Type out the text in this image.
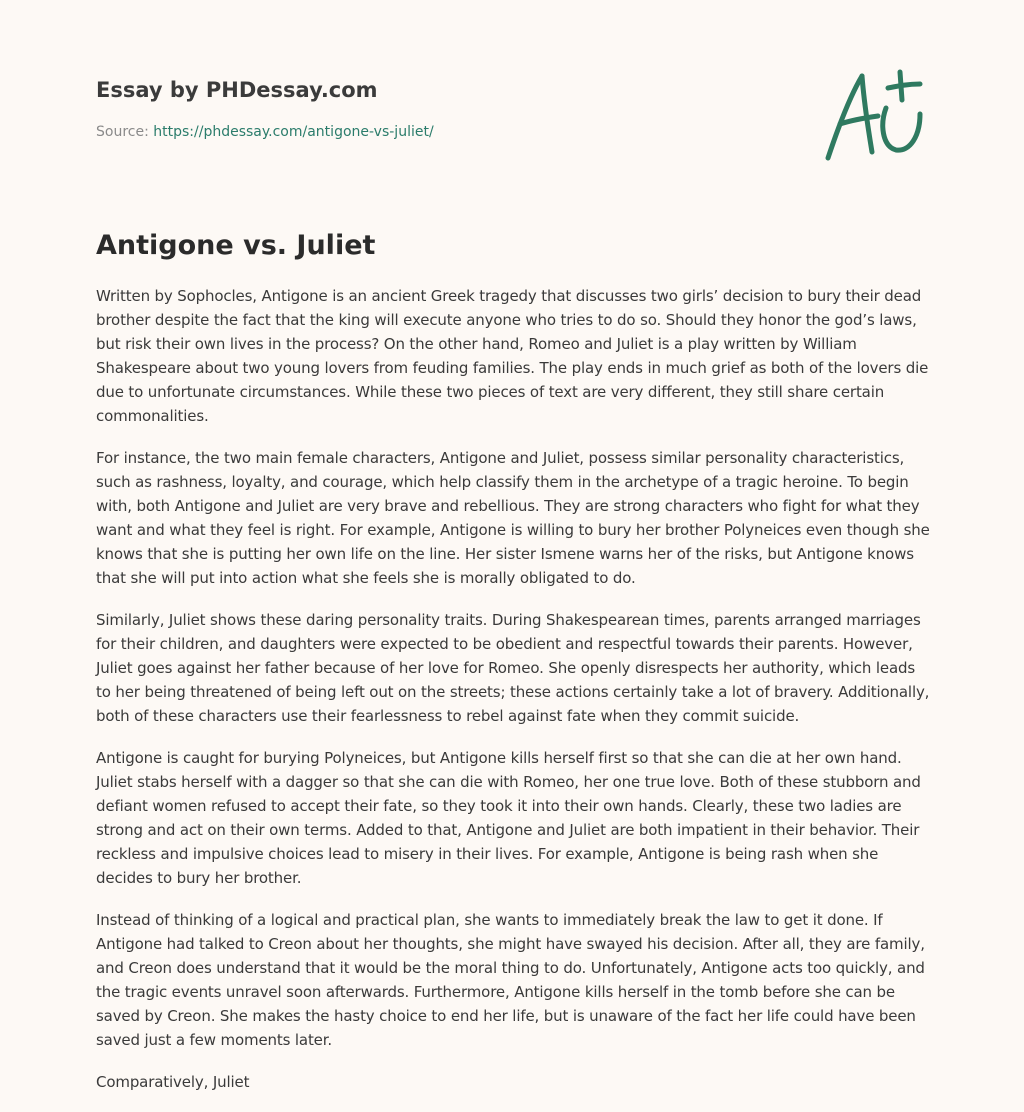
Essay by PHDessay.com
Source: https://phdessay.com/antigone-vs-juliet/
Antigone vs. Juliet

Written by Sophocles, Antigone is an ancient Greek tragedy that discusses two girls’ decision to bury their dead brother despite the fact that the king will execute anyone who tries to do so. Should they honor the god’s laws, but risk their own lives in the process? On the other hand, Romeo and Juliet is a play written by William Shakespeare about two young lovers from feuding families. The play ends in much grief as both of the lovers die due to unfortunate circumstances. While these two pieces of text are very different, they still share certain commonalities.

For instance, the two main female characters, Antigone and Juliet, possess similar personality characteristics, such as rashness, loyalty, and courage, which help classify them in the archetype of a tragic heroine. To begin with, both Antigone and Juliet are very brave and rebellious. They are strong characters who fight for what they want and what they feel is right. For example, Antigone is willing to bury her brother Polyneices even though she knows that she is putting her own life on the line. Her sister Ismene warns her of the risks, but Antigone knows that she will put into action what she feels she is morally obligated to do.

Similarly, Juliet shows these daring personality traits. During Shakespearean times, parents arranged marriages for their children, and daughters were expected to be obedient and respectful towards their parents. However, Juliet goes against her father because of her love for Romeo. She openly disrespects her authority, which leads to her being threatened of being left out on the streets; these actions certainly take a lot of bravery. Additionally, both of these characters use their fearlessness to rebel against fate when they commit suicide.

Antigone is caught for burying Polyneices, but Antigone kills herself first so that she can die at her own hand. Juliet stabs herself with a dagger so that she can die with Romeo, her one true love. Both of these stubborn and defiant women refused to accept their fate, so they took it into their own hands. Clearly, these two ladies are strong and act on their own terms. Added to that, Antigone and Juliet are both impatient in their behavior. Their reckless and impulsive choices lead to misery in their lives. For example, Antigone is being rash when she decides to bury her brother.

Instead of thinking of a logical and practical plan, she wants to immediately break the law to get it done. If Antigone had talked to Creon about her thoughts, she might have swayed his decision. After all, they are family, and Creon does understand that it would be the moral thing to do. Unfortunately, Antigone acts too quickly, and the tragic events unravel soon afterwards. Furthermore, Antigone kills herself in the tomb before she can be saved by Creon. She makes the hasty choice to end her life, but is unaware of the fact her life could have been saved just a few moments later.

Comparatively, Juliet
